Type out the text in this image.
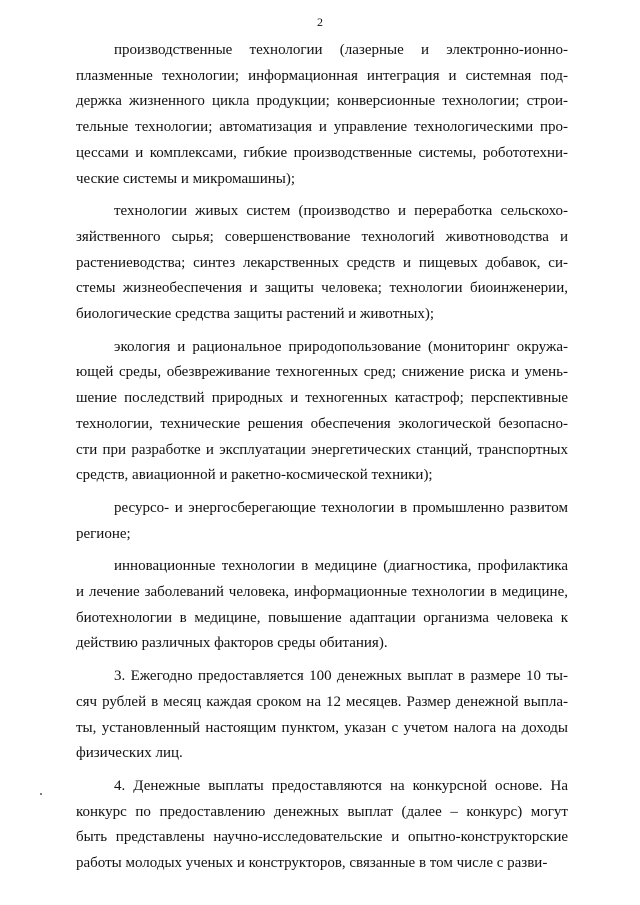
2
производственные технологии (лазерные и электронно-ионно-
плазменные технологии; информационная интеграция и системная под-
держка жизненного цикла продукции; конверсионные технологии; строи-
тельные технологии; автоматизация и управление технологическими про-
цессами и комплексами, гибкие производственные системы, робототехни-
ческие системы и микромашины);
технологии живых систем (производство и переработка сельскохо-
зяйственного сырья; совершенствование технологий животноводства и
растениеводства; синтез лекарственных средств и пищевых добавок, си-
стемы жизнеобеспечения и защиты человека; технологии биоинженерии,
биологические средства защиты растений и животных);
экология и рациональное природопользование (мониторинг окружа-
ющей среды, обезвреживание техногенных сред; снижение риска и умень-
шение последствий природных и техногенных катастроф; перспективные
технологии, технические решения обеспечения экологической безопасно-
сти при разработке и эксплуатации энергетических станций, транспортных
средств, авиационной и ракетно-космической техники);
ресурсо- и энергосберегающие технологии в промышленно развитом
регионе;
инновационные технологии в медицине (диагностика, профилактика
и лечение заболеваний человека, информационные технологии в медицине,
биотехнологии в медицине, повышение адаптации организма человека к
действию различных факторов среды обитания).
3. Ежегодно предоставляется 100 денежных выплат в размере 10 ты-
сяч рублей в месяц каждая сроком на 12 месяцев. Размер денежной выпла-
ты, установленный настоящим пунктом, указан с учетом налога на доходы
физических лиц.
4. Денежные выплаты предоставляются на конкурсной основе. На
конкурс по предоставлению денежных выплат (далее – конкурс) могут
быть представлены научно-исследовательские и опытно-конструкторские
работы молодых ученых и конструкторов, связанные в том числе с разви-
